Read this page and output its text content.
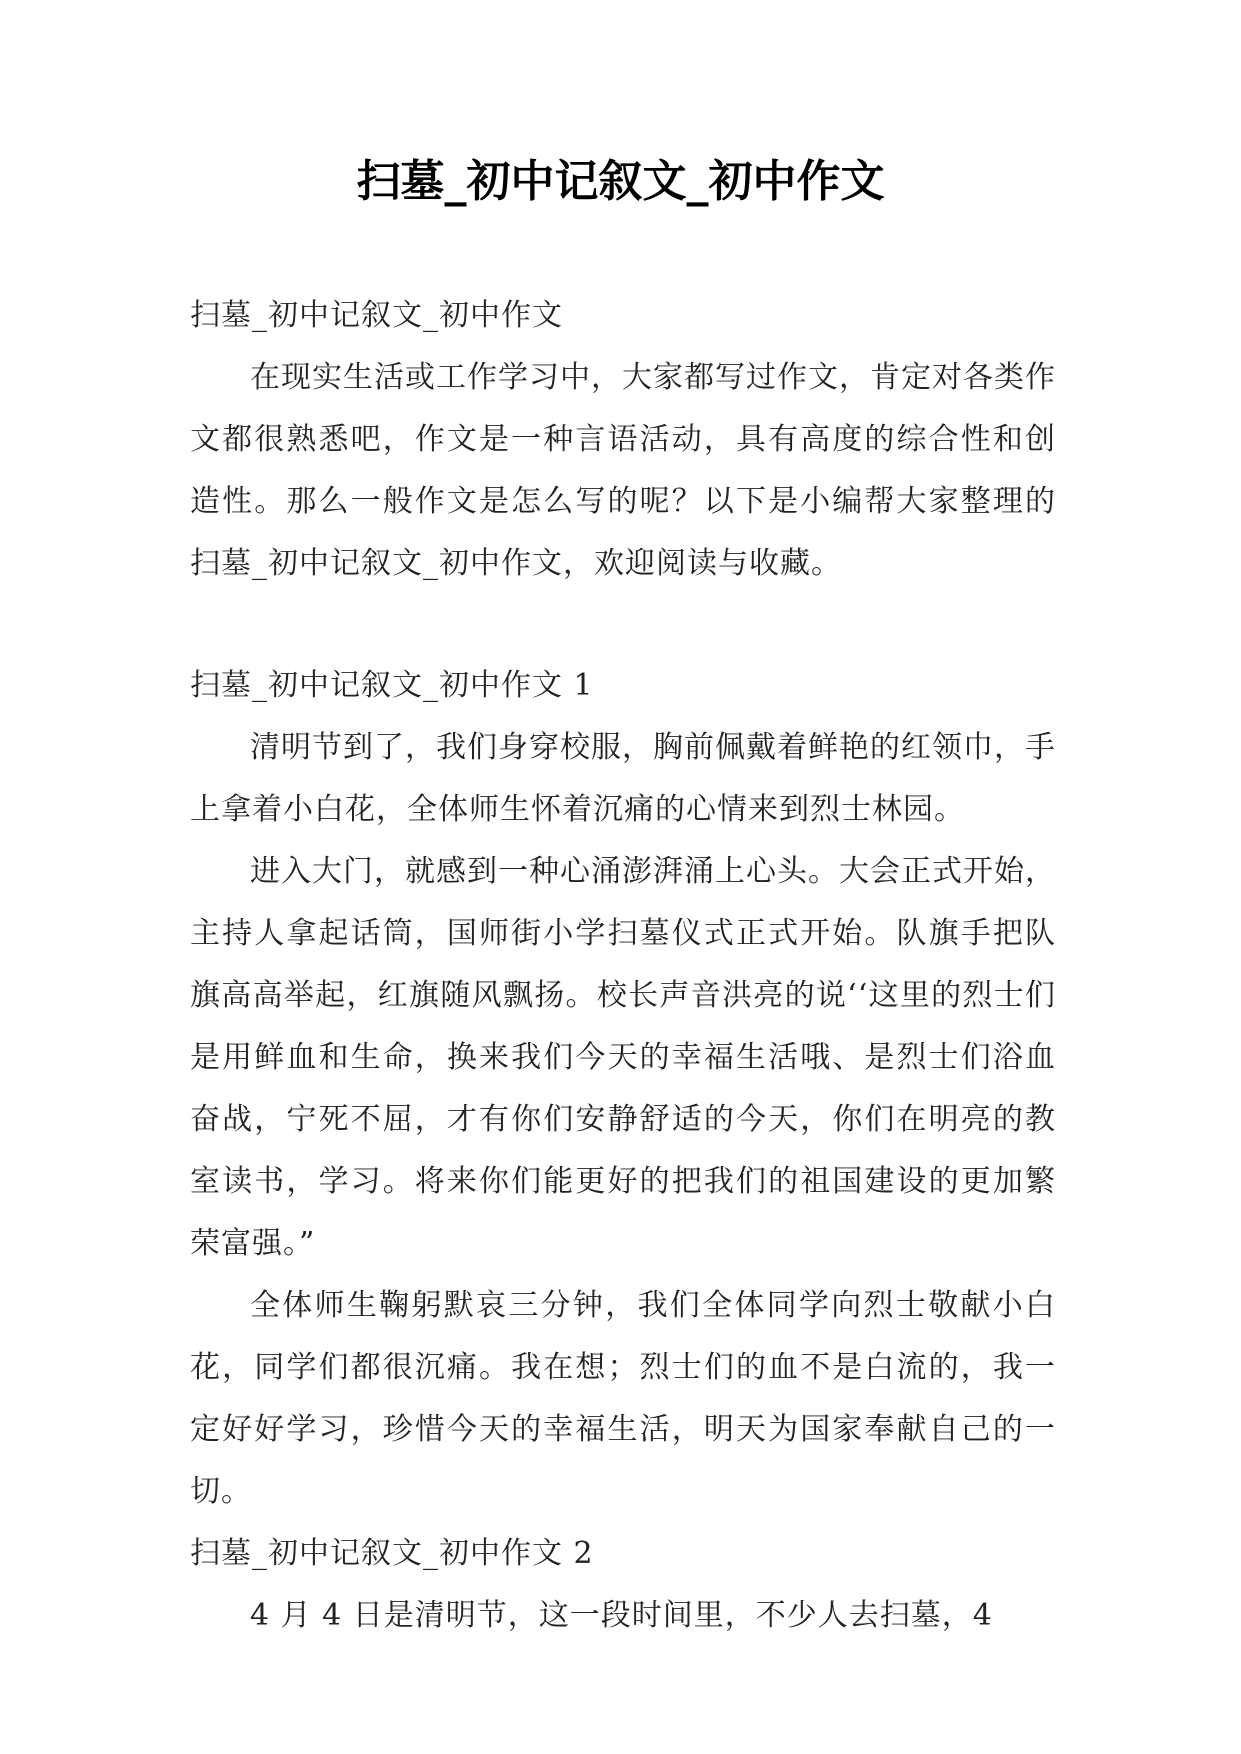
扫墓_初中记叙文_初中作文

扫墓_初中记叙文_初中作文

在现实生活或工作学习中，大家都写过作文，肯定对各类作文都很熟悉吧，作文是一种言语活动，具有高度的综合性和创造性。那么一般作文是怎么写的呢？以下是小编帮大家整理的扫墓_初中记叙文_初中作文，欢迎阅读与收藏。

扫墓_初中记叙文_初中作文 1

清明节到了，我们身穿校服，胸前佩戴着鲜艳的红领巾，手上拿着小白花，全体师生怀着沉痛的心情来到烈士林园。

进入大门，就感到一种心涌澎湃涌上心头。大会正式开始，主持人拿起话筒，国师街小学扫墓仪式正式开始。队旗手把队旗高高举起，红旗随风飘扬。校长声音洪亮的说‘‘这里的烈士们是用鲜血和生命，换来我们今天的幸福生活哦、是烈士们浴血奋战，宁死不屈，才有你们安静舒适的今天，你们在明亮的教室读书，学习。将来你们能更好的把我们的祖国建设的更加繁荣富强。”

全体师生鞠躬默哀三分钟，我们全体同学向烈士敬献小白花，同学们都很沉痛。我在想；烈士们的血不是白流的，我一定好好学习，珍惜今天的幸福生活，明天为国家奉献自己的一切。

扫墓_初中记叙文_初中作文 2

4 月 4 日是清明节，这一段时间里，不少人去扫墓，4
